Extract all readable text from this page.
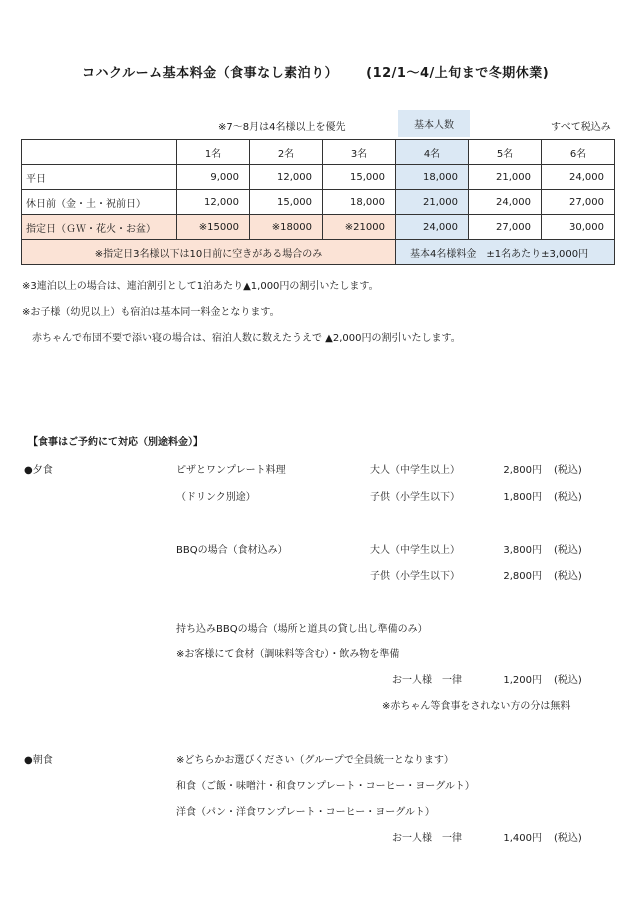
コハクルーム基本料金（食事なし素泊り） (12/1〜4/上旬まで冬期休業)
※7〜8月は4名様以上を優先	基本人数	すべて税込み
	1名	2名	3名	4名	5名	6名
平日	9,000	12,000	15,000	18,000	21,000	24,000
休日前（金・土・祝前日）	12,000	15,000	18,000	21,000	24,000	27,000
指定日（ＧＷ・花火・お盆）	※15000	※18000	※21000	24,000	27,000	30,000
※指定日3名様以下は10日前に空きがある場合のみ				基本4名様料金　±1名あたり±3,000円		
※3連泊以上の場合は、連泊割引として1泊あたり▲1,000円の割引いたします。
※お子様（幼児以上）も宿泊は基本同一料金となります。
赤ちゃんで布団不要で添い寝の場合は、宿泊人数に数えたうえで ▲2,000円の割引いたします。
【食事はご予約にて対応（別途料金）】
●夕食	ピザとワンプレート料理	大人（中学生以上）	2,800円 (税込)
（ドリンク別途）	子供（小学生以下）	1,800円 (税込)
BBQの場合（食材込み）	大人（中学生以上）	3,800円 (税込)
子供（小学生以下）	2,800円 (税込)
持ち込みBBQの場合（場所と道具の貸し出し準備のみ）
※お客様にて食材（調味料等含む）・飲み物を準備
お一人様　一律	1,200円 (税込)
※赤ちゃん等食事をされない方の分は無料
●朝食	※どちらかお選びください（グループで全員統一となります）
和食（ご飯・味噌汁・和食ワンプレート・コーヒー・ヨーグルト）
洋食（パン・洋食ワンプレート・コーヒー・ヨーグルト）
お一人様　一律	1,400円 (税込)
